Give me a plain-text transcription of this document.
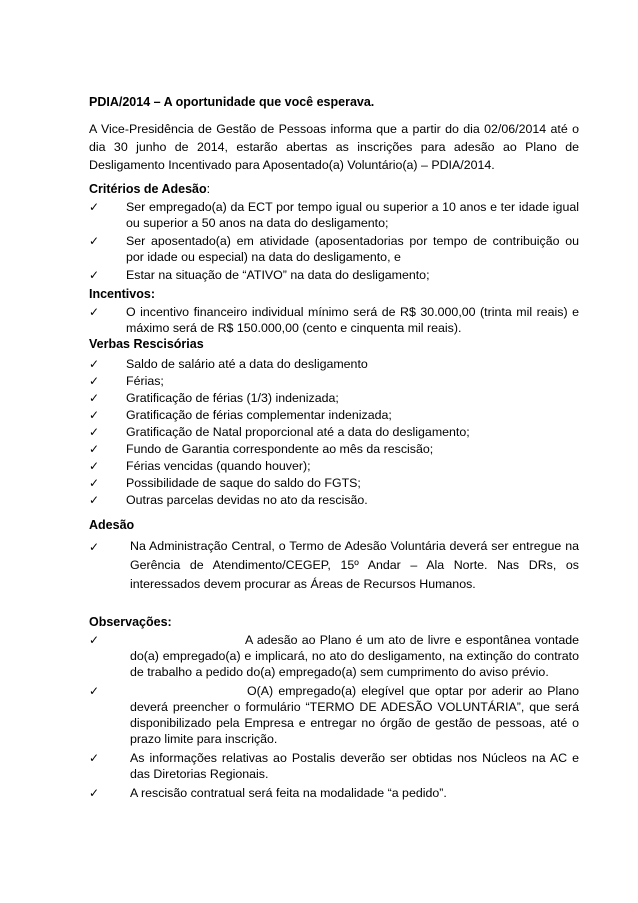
PDIA/2014 – A oportunidade que você esperava.

A Vice-Presidência de Gestão de Pessoas informa que a partir do dia 02/06/2014 até o dia 30 junho de 2014, estarão abertas as inscrições para adesão ao Plano de Desligamento Incentivado para Aposentado(a) Voluntário(a) – PDIA/2014.

Critérios de Adesão:
✓ Ser empregado(a) da ECT por tempo igual ou superior a 10 anos e ter idade igual ou superior a 50 anos na data do desligamento;
✓ Ser aposentado(a) em atividade (aposentadorias por tempo de contribuição ou por idade ou especial) na data do desligamento, e
✓ Estar na situação de “ATIVO” na data do desligamento;
Incentivos:
✓ O incentivo financeiro individual mínimo será de R$ 30.000,00 (trinta mil reais) e máximo será de R$ 150.000,00 (cento e cinquenta mil reais).
Verbas Rescisórias
✓ Saldo de salário até a data do desligamento
✓ Férias;
✓ Gratificação de férias (1/3) indenizada;
✓ Gratificação de férias complementar indenizada;
✓ Gratificação de Natal proporcional até a data do desligamento;
✓ Fundo de Garantia correspondente ao mês da rescisão;
✓ Férias vencidas (quando houver);
✓ Possibilidade de saque do saldo do FGTS;
✓ Outras parcelas devidas no ato da rescisão.
Adesão
✓ Na Administração Central, o Termo de Adesão Voluntária deverá ser entregue na Gerência de Atendimento/CEGEP, 15º Andar – Ala Norte. Nas DRs, os interessados devem procurar as Áreas de Recursos Humanos.
Observações:
✓	A adesão ao Plano é um ato de livre e espontânea vontade do(a) empregado(a) e implicará, no ato do desligamento, na extinção do contrato de trabalho a pedido do(a) empregado(a) sem cumprimento do aviso prévio.
✓	O(A) empregado(a) elegível que optar por aderir ao Plano deverá preencher o formulário “TERMO DE ADESÃO VOLUNTÁRIA”, que será disponibilizado pela Empresa e entregar no órgão de gestão de pessoas, até o prazo limite para inscrição.
✓ As informações relativas ao Postalis deverão ser obtidas nos Núcleos na AC e das Diretorias Regionais.
✓ A rescisão contratual será feita na modalidade “a pedido”.
